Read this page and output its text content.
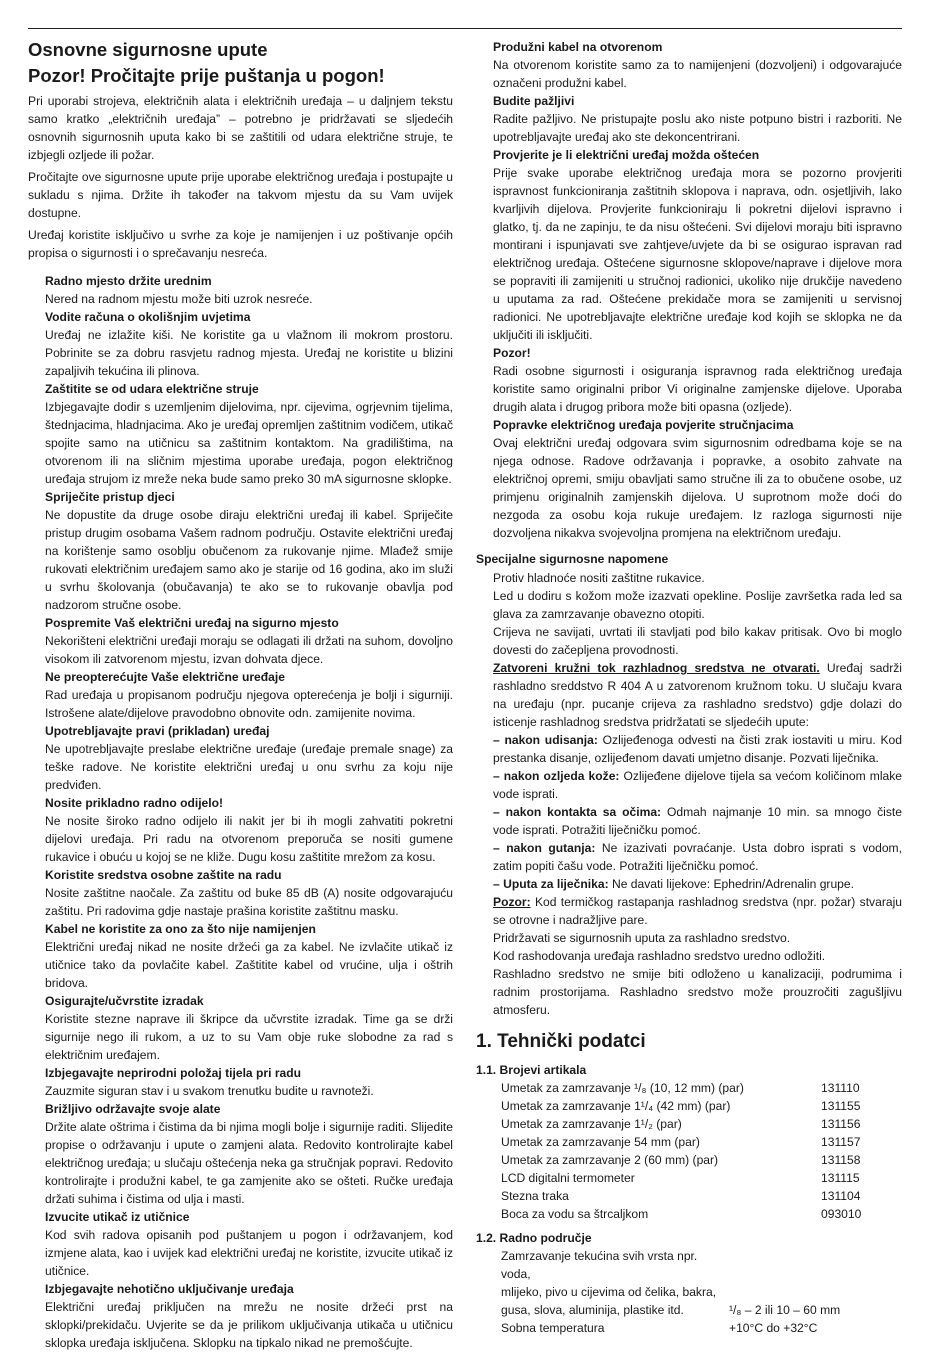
Osnovne sigurnosne upute
Pozor! Pročitajte prije puštanja u pogon!

Pri uporabi strojeva, električnih alata i električnih uređaja – u daljnjem tekstu samo kratko „električnih uređaja” – potrebno je pridržavati se sljedećih osnovnih sigurnosnih uputa kako bi se zaštitili od udara električne struje, te izbjegli ozljede ili požar.

Pročitajte ove sigurnosne upute prije uporabe električnog uređaja i postupajte u sukladu s njima. Držite ih također na takvom mjestu da su Vam uvijek dostupne.

Uređaj koristite isključivo u svrhe za koje je namijenjen i uz poštivanje općih propisa o sigurnosti i o sprečavanju nesreća.

Radno mjesto držite urednim
Nered na radnom mjestu može biti uzrok nesreće.
Vodite računa o okolišnjim uvjetima
Uređaj ne izlažite kiši. Ne koristite ga u vlažnom ili mokrom prostoru. Pobrinite se za dobru rasvjetu radnog mjesta. Uređaj ne koristite u blizini zapaljivih tekućina ili plinova.
Zaštitite se od udara električne struje
Izbjegavajte dodir s uzemljenim dijelovima, npr. cijevima, ogrjevnim tijelima, štednjacima, hladnjacima. Ako je uređaj opremljen zaštitnim vodičem, utikač spojite samo na utičnicu sa zaštitnim kontaktom. Na gradilištima, na otvorenom ili na sličnim mjestima uporabe uređaja, pogon električnog uređaja strujom iz mreže neka bude samo preko 30 mA sigurnosne sklopke.
Spriječite pristup djeci
Ne dopustite da druge osobe diraju električni uređaj ili kabel. Spriječite pristup drugim osobama Vašem radnom području. Ostavite električni uređaj na korištenje samo osoblju obučenom za rukovanje njime. Mlađež smije rukovati električnim uređajem samo ako je starije od 16 godina, ako im služi u svrhu školovanja (obučavanja) te ako se to rukovanje obavlja pod nadzorom stručne osobe.
Pospremite Vaš električni uređaj na sigurno mjesto
Nekorišteni električni uređaji moraju se odlagati ili držati na suhom, dovoljno visokom ili zatvorenom mjestu, izvan dohvata djece.
Ne preopterećujte Vaše električne uređaje
Rad uređaja u propisanom području njegova opterećenja je bolji i sigurniji. Istrošene alate/dijelove pravodobno obnovite odn. zamijenite novima.
Upotrebljavajte pravi (prikladan) uređaj
Ne upotrebljavajte preslabe električne uređaje (uređaje premale snage) za teške radove. Ne koristite električni uređaj u onu svrhu za koju nije predviđen.
Nosite prikladno radno odijelo!
Ne nosite široko radno odijelo ili nakit jer bi ih mogli zahvatiti pokretni dijelovi uređaja. Pri radu na otvorenom preporuča se nositi gumene rukavice i obuću u kojoj se ne kliže. Dugu kosu zaštitite mrežom za kosu.
Koristite sredstva osobne zaštite na radu
Nosite zaštitne naočale. Za zaštitu od buke 85 dB (A) nosite odgovarajuću zaštitu. Pri radovima gdje nastaje prašina koristite zaštitnu masku.
Kabel ne koristite za ono za što nije namijenjen
Električni uređaj nikad ne nosite držeći ga za kabel. Ne izvlačite utikač iz utičnice tako da povlačite kabel. Zaštitite kabel od vrućine, ulja i oštrih bridova.
Osigurajte/učvrstite izradak
Koristite stezne naprave ili škripce da učvrstite izradak. Time ga se drži sigurnije nego ili rukom, a uz to su Vam obje ruke slobodne za rad s električnim uređajem.
Izbjegavajte neprirodni položaj tijela pri radu
Zauzmite siguran stav i u svakom trenutku budite u ravnoteži.
Brižljivo održavajte svoje alate
Držite alate oštrima i čistima da bi njima mogli bolje i sigurnije raditi. Slijedite propise o održavanju i upute o zamjeni alata. Redovito kontrolirajte kabel električnog uređaja; u slučaju oštećenja neka ga stručnjak popravi. Redovito kontrolirajte i produžni kabel, te ga zamjenite ako se ošteti. Ručke uređaja držati suhima i čistima od ulja i masti.
Izvucite utikač iz utičnice
Kod svih radova opisanih pod puštanjem u pogon i održavanjem, kod izmjene alata, kao i uvijek kad električni uređaj ne koristite, izvucite utikač iz utičnice.
Izbjegavajte nehotično uključivanje uređaja
Električni uređaj priključen na mrežu ne nosite držeći prst na sklopki/prekidaču. Uvjerite se da je prilikom uključivanja utikača u utičnicu sklopka uređaja isključena. Sklopku na tipkalo nikad ne premošćujte.
Produžni kabel na otvorenom
Na otvorenom koristite samo za to namijenjeni (dozvoljeni) i odgovarajuće označeni produžni kabel.
Budite pažljivi
Radite pažljivo. Ne pristupajte poslu ako niste potpuno bistri i razboriti. Ne upotrebljavajte uređaj ako ste dekoncentrirani.
Provjerite je li električni uređaj možda oštećen
Prije svake uporabe električnog uređaja mora se pozorno provjeriti ispravnost funkcioniranja zaštitnih sklopova i naprava, odn. osjetljivih, lako kvarljivih dijelova. Provjerite funkcioniraju li pokretni dijelovi ispravno i glatko, tj. da ne zapinju, te da nisu oštećeni. Svi dijelovi moraju biti ispravno montirani i ispunjavati sve zahtjeve/uvjete da bi se osigurao ispravan rad električnog uređaja. Oštećene sigurnosne sklopove/naprave i dijelove mora se popraviti ili zamijeniti u stručnoj radionici, ukoliko nije drukčije navedeno u uputama za rad. Oštećene prekidače mora se zamijeniti u servisnoj radionici. Ne upotrebljavajte električne uređaje kod kojih se sklopka ne da uključiti ili isključiti.
Pozor!
Radi osobne sigurnosti i osiguranja ispravnog rada električnog uređaja koristite samo originalni pribor Vi originalne zamjenske dijelove. Uporaba drugih alata i drugog pribora može biti opasna (ozljede).
Popravke električnog uređaja povjerite stručnjacima
Ovaj električni uređaj odgovara svim sigurnosnim odredbama koje se na njega odnose. Radove održavanja i popravke, a osobito zahvate na električnoj opremi, smiju obavljati samo stručne ili za to obučene osobe, uz primjenu originalnih zamjenskih dijelova. U suprotnom može doći do nezgoda za osobu koja rukuje uređajem. Iz razloga sigurnosti nije dozvoljena nikakva svojevoljna promjena na električnom uređaju.
Specijalne sigurnosne napomene

Protiv hladnoće nositi zaštitne rukavice.

Led u dodiru s kožom može izazvati opekline. Poslije završetka rada led sa glava za zamrzavanje obavezno otopiti.

Crijeva ne savijati, uvrtati ili stavljati pod bilo kakav pritisak. Ovo bi moglo dovesti do začepljena provodnosti.

Zatvoreni kružni tok razhladnog sredstva ne otvarati. Uređaj sadrži rashladno sreddstvo R 404 A u zatvorenom kružnom toku. U slučaju kvara na uređaju (npr. pucanje crijeva za rashladno sredstvo) gdje dolazi do isticenje rashladnog sredstva pridržatati se sljedećih upute:

– nakon udisanja: Ozlijeđenoga odvesti na čisti zrak iostaviti u miru. Kod prestanka disanje, ozlijeđenom davati umjetno disanje. Pozvati liječnika.

– nakon ozljeda kože: Ozlijeđene dijelove tijela sa većom količinom mlake vode isprati.

– nakon kontakta sa očima: Odmah najmanje 10 min. sa mnogo čiste vode isprati. Potražiti liječničku pomoć.

– nakon gutanja: Ne izazivati povraćanje. Usta dobro isprati s vodom, zatim popiti čašu vode. Potražiti liječničku pomoć.

– Uputa za liječnika: Ne davati lijekove: Ephedrin/Adrenalin grupe.

Pozor: Kod termičkog rastapanja rashladnog sredstva (npr. požar) stvaraju se otrovne i nadražljive pare.

Pridržavati se sigurnosnih uputa za rashladno sredstvo.

Kod rashodovanja uređaja rashladno sredstvo uredno odložiti.

Rashladno sredstvo ne smije biti odloženo u kanalizaciji, podrumima i radnim prostorijama. Rashladno sredstvo može prouzročiti zagušljivu atmosferu.

1. Tehnički podatci
1.1. Brojevi artikala
Umetak za zamrzavanje ¹/₈ (10, 12 mm) (par)	131110
Umetak za zamrzavanje 1¹/₄ (42 mm) (par)	131155
Umetak za zamrzavanje 1¹/₂ (par)	131156
Umetak za zamrzavanje 54 mm (par)	131157
Umetak za zamrzavanje 2 (60 mm) (par)	131158
LCD digitalni termometer	131115
Stezna traka	131104
Boca za vodu sa štrcaljkom	093010
1.2. Radno područje
Zamrzavanje tekućina svih vrsta npr. voda,	
mlijeko, pivo u cijevima od čelika, bakra,	
gusa, slova, aluminija, plastike itd.	¹/₈ – 2 ili 10 – 60 mm
Sobna temperatura	+10°C do +32°C
